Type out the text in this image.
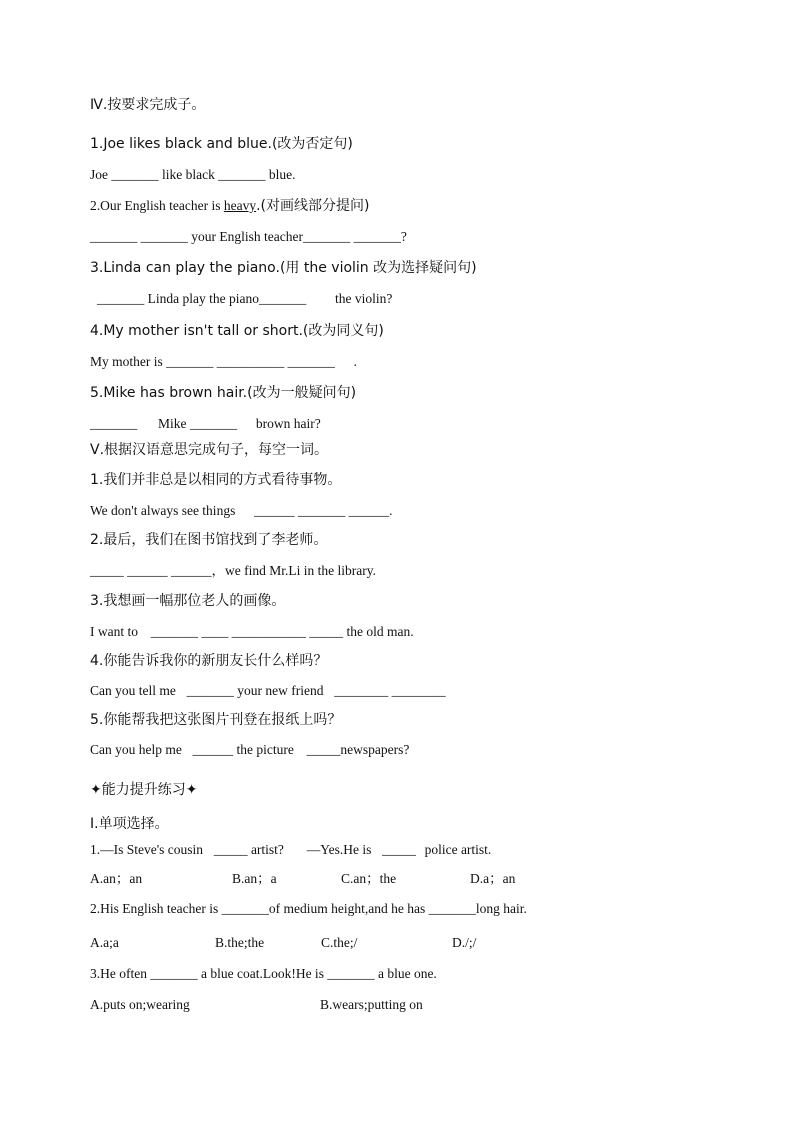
Ⅳ.按要求完成子。
1.Joe likes black and blue.(改为否定句)
Joe _______ like black _______ blue.
2.Our English teacher is heavy.(对画线部分提问)
_______ _______ your English teacher_______ _______?
3.Linda can play the piano.(用 the violin 改为选择疑问句)
_______ Linda play the piano_______ the violin?
4.My mother isn't tall or short.(改为同义句)
My mother is _______ __________ _______ .
5.Mike has brown hair.(改为一般疑问句)
_______ Mike _______ brown hair?
Ⅴ.根据汉语意思完成句子，每空一词。
1.我们并非总是以相同的方式看待事物。
We don't always see things ______ _______ ______.
2.最后，我们在图书馆找到了李老师。
_____ ______ ______，we find Mr.Li in the library.
3.我想画一幅那位老人的画像。
I want to _______ ____ ___________ _____ the old man.
4.你能告诉我你的新朋友长什么样吗？
Can you tell me _______ your new friend ________ ________
5.你能帮我把这张图片刊登在报纸上吗？
Can you help me ______ the picture _____newspapers?
✦能力提升练习✦
Ⅰ.单项选择。
1.—Is Steve's cousin _____ artist? —Yes.He is _____ police artist.
A.an；an	B.an；a	C.an；the	D.a；an
2.His English teacher is _______of medium height,and he has _______long hair.
A.a;a	B.the;the	C.the;/	D./;/
3.He often _______ a blue coat.Look!He is _______ a blue one.
A.puts on;wearing	B.wears;putting on
